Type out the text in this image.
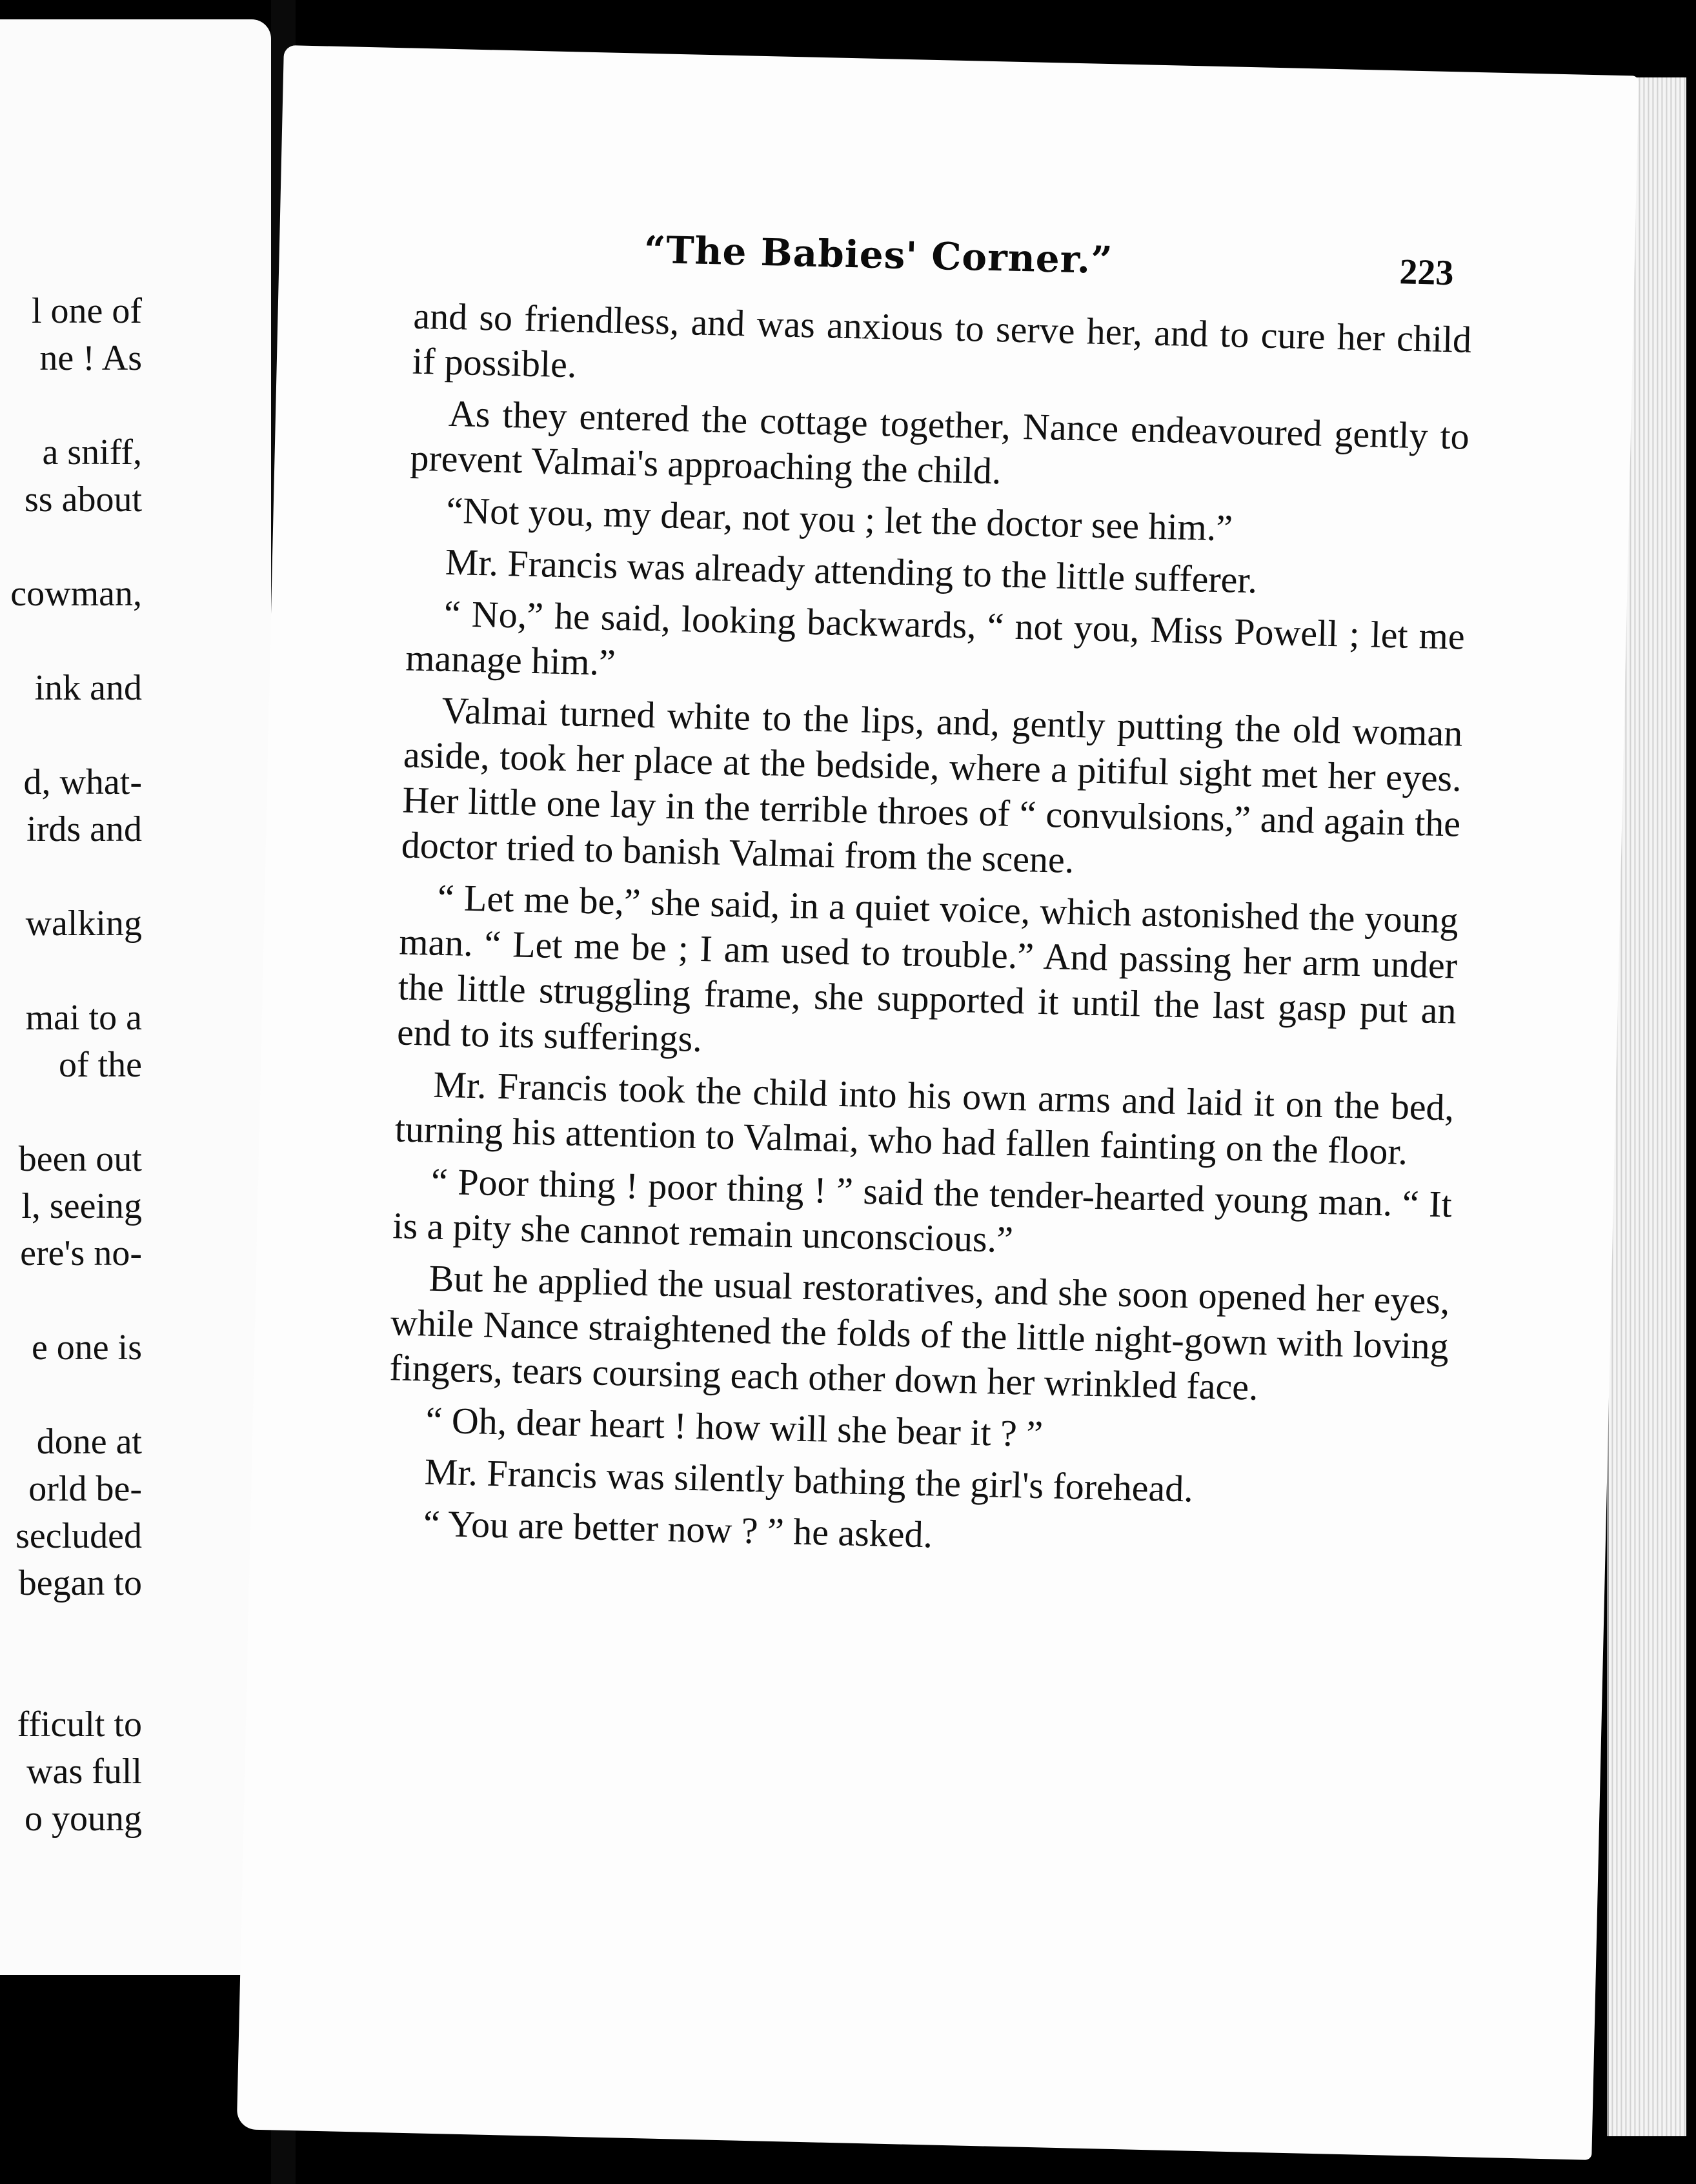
l one of
ne ! As
a sniff,
ss about
cowman,
ink and
d, what-
irds and
walking
mai to a
of the
been out
l, seeing
ere's no-
e one is
done at
orld be-
secluded
began to
fficult to
was full
o young
“The Babies' Corner.”	223

and so friendless, and was anxious to serve her, and to cure her child if possible.

As they entered the cottage together, Nance endeavoured gently to prevent Valmai's approaching the child.

“Not you, my dear, not you ; let the doctor see him.”

Mr. Francis was already attending to the little sufferer.

“ No,” he said, looking backwards, “ not you, Miss Powell ; let me manage him.”

Valmai turned white to the lips, and, gently putting the old woman aside, took her place at the bedside, where a pitiful sight met her eyes. Her little one lay in the terrible throes of “ convulsions,” and again the doctor tried to banish Valmai from the scene.

“ Let me be,” she said, in a quiet voice, which astonished the young man. “ Let me be ; I am used to trouble.” And passing her arm under the little struggling frame, she supported it until the last gasp put an end to its sufferings.

Mr. Francis took the child into his own arms and laid it on the bed, turning his attention to Valmai, who had fallen fainting on the floor.

“ Poor thing ! poor thing ! ” said the tender-hearted young man. “ It is a pity she cannot remain unconscious.”

But he applied the usual restoratives, and she soon opened her eyes, while Nance straightened the folds of the little night-gown with loving fingers, tears coursing each other down her wrinkled face.

“ Oh, dear heart ! how will she bear it ? ”

Mr. Francis was silently bathing the girl's forehead.

“ You are better now ? ” he asked.
